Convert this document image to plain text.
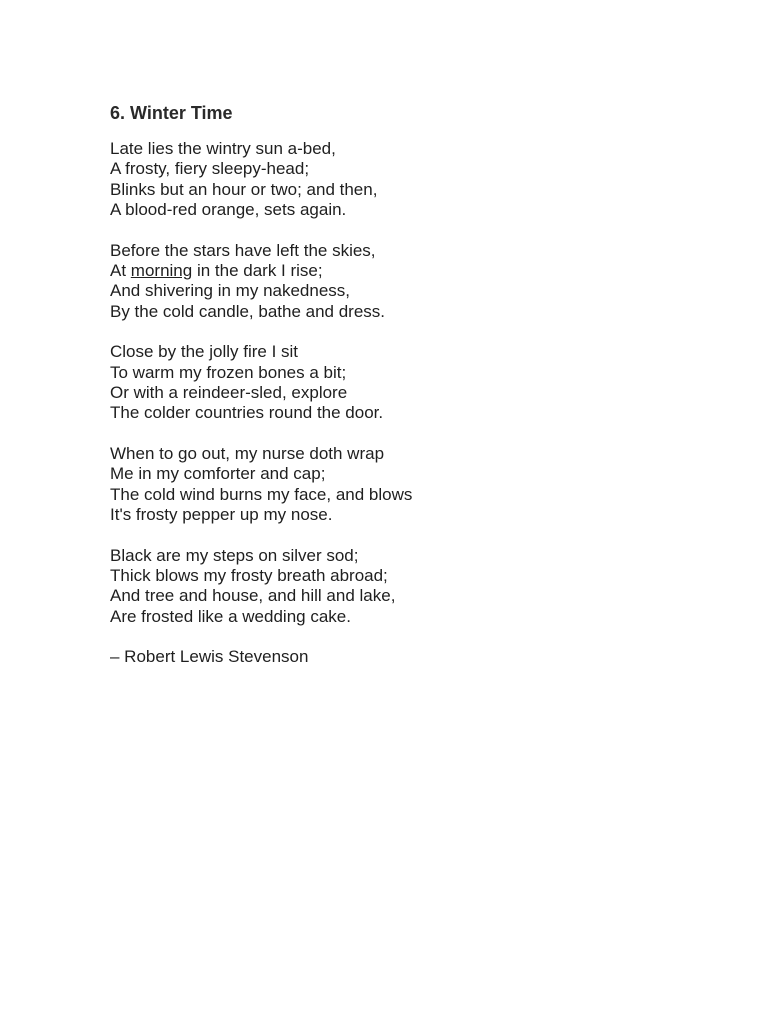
6. Winter Time
Late lies the wintry sun a-bed,
A frosty, fiery sleepy-head;
Blinks but an hour or two; and then,
A blood-red orange, sets again.
Before the stars have left the skies,
At morning in the dark I rise;
And shivering in my nakedness,
By the cold candle, bathe and dress.
Close by the jolly fire I sit
To warm my frozen bones a bit;
Or with a reindeer-sled, explore
The colder countries round the door.
When to go out, my nurse doth wrap
Me in my comforter and cap;
The cold wind burns my face, and blows
It's frosty pepper up my nose.
Black are my steps on silver sod;
Thick blows my frosty breath abroad;
And tree and house, and hill and lake,
Are frosted like a wedding cake.
– Robert Lewis Stevenson
